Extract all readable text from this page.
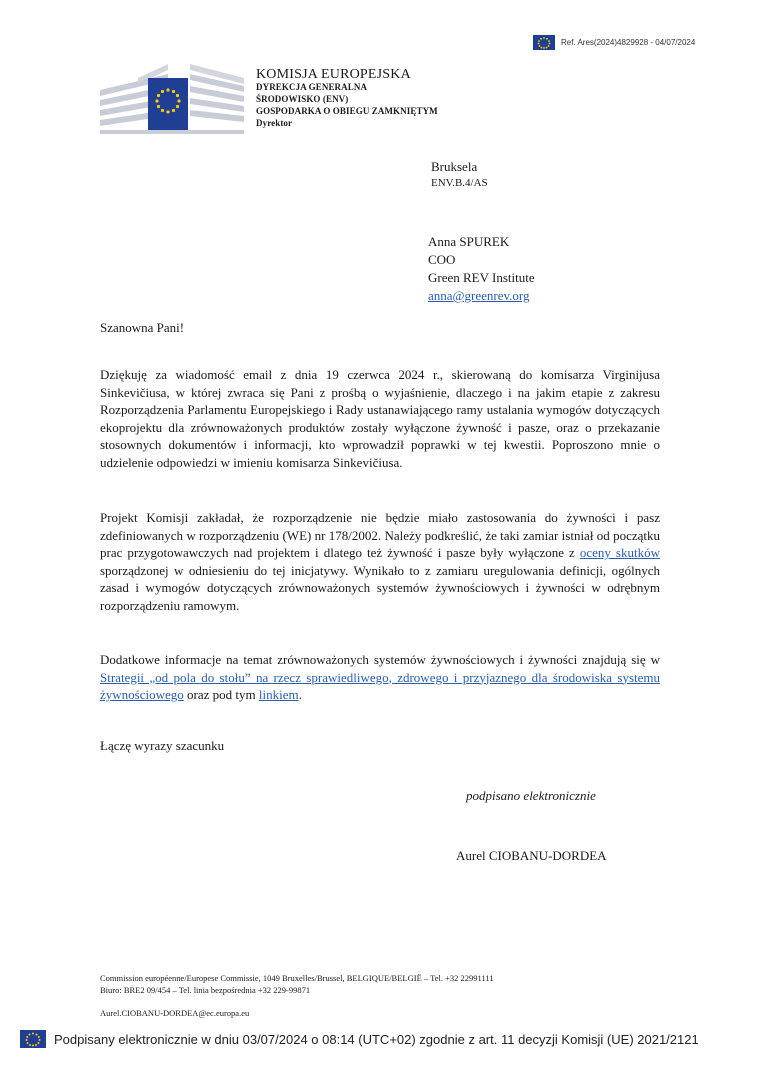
Ref. Ares(2024)4829928 - 04/07/2024
KOMISJA EUROPEJSKA
DYREKCJA GENERALNA
ŚRODOWISKO (ENV)
GOSPODARKA O OBIEGU ZAMKNIĘTYM
Dyrektor
Bruksela
ENV.B.4/AS
Anna SPUREK
COO
Green REV Institute
anna@greenrev.org
Szanowna Pani!
Dziękuję za wiadomość email z dnia 19 czerwca 2024 r., skierowaną do komisarza Virginijusa Sinkevičiusa, w której zwraca się Pani z prośbą o wyjaśnienie, dlaczego i na jakim etapie z zakresu Rozporządzenia Parlamentu Europejskiego i Rady ustanawiającego ramy ustalania wymogów dotyczących ekoprojektu dla zrównoważonych produktów zostały wyłączone żywność i pasze, oraz o przekazanie stosownych dokumentów i informacji, kto wprowadził poprawki w tej kwestii. Poproszono mnie o udzielenie odpowiedzi w imieniu komisarza Sinkevičiusa.
Projekt Komisji zakładał, że rozporządzenie nie będzie miało zastosowania do żywności i pasz zdefiniowanych w rozporządzeniu (WE) nr 178/2002. Należy podkreślić, że taki zamiar istniał od początku prac przygotowawczych nad projektem i dlatego też żywność i pasze były wyłączone z oceny skutków sporządzonej w odniesieniu do tej inicjatywy. Wynikało to z zamiaru uregulowania definicji, ogólnych zasad i wymogów dotyczących zrównoważonych systemów żywnościowych i żywności w odrębnym rozporządzeniu ramowym.
Dodatkowe informacje na temat zrównoważonych systemów żywnościowych i żywności znajdują się w Strategii „od pola do stołu” na rzecz sprawiedliwego, zdrowego i przyjaznego dla środowiska systemu żywnościowego oraz pod tym linkiem.
Łączę wyrazy szacunku
podpisano elektronicznie
Aurel CIOBANU-DORDEA
Commission européenne/Europese Commissie, 1049 Bruxelles/Brussel, BELGIQUE/BELGIË – Tel. +32 22991111
Biuro: BRE2 09/454 – Tel. linia bezpośrednia +32 229-99871
Aurel.CIOBANU-DORDEA@ec.europa.eu
Podpisany elektronicznie w dniu 03/07/2024 o 08:14 (UTC+02) zgodnie z art. 11 decyzji Komisji (UE) 2021/2121
